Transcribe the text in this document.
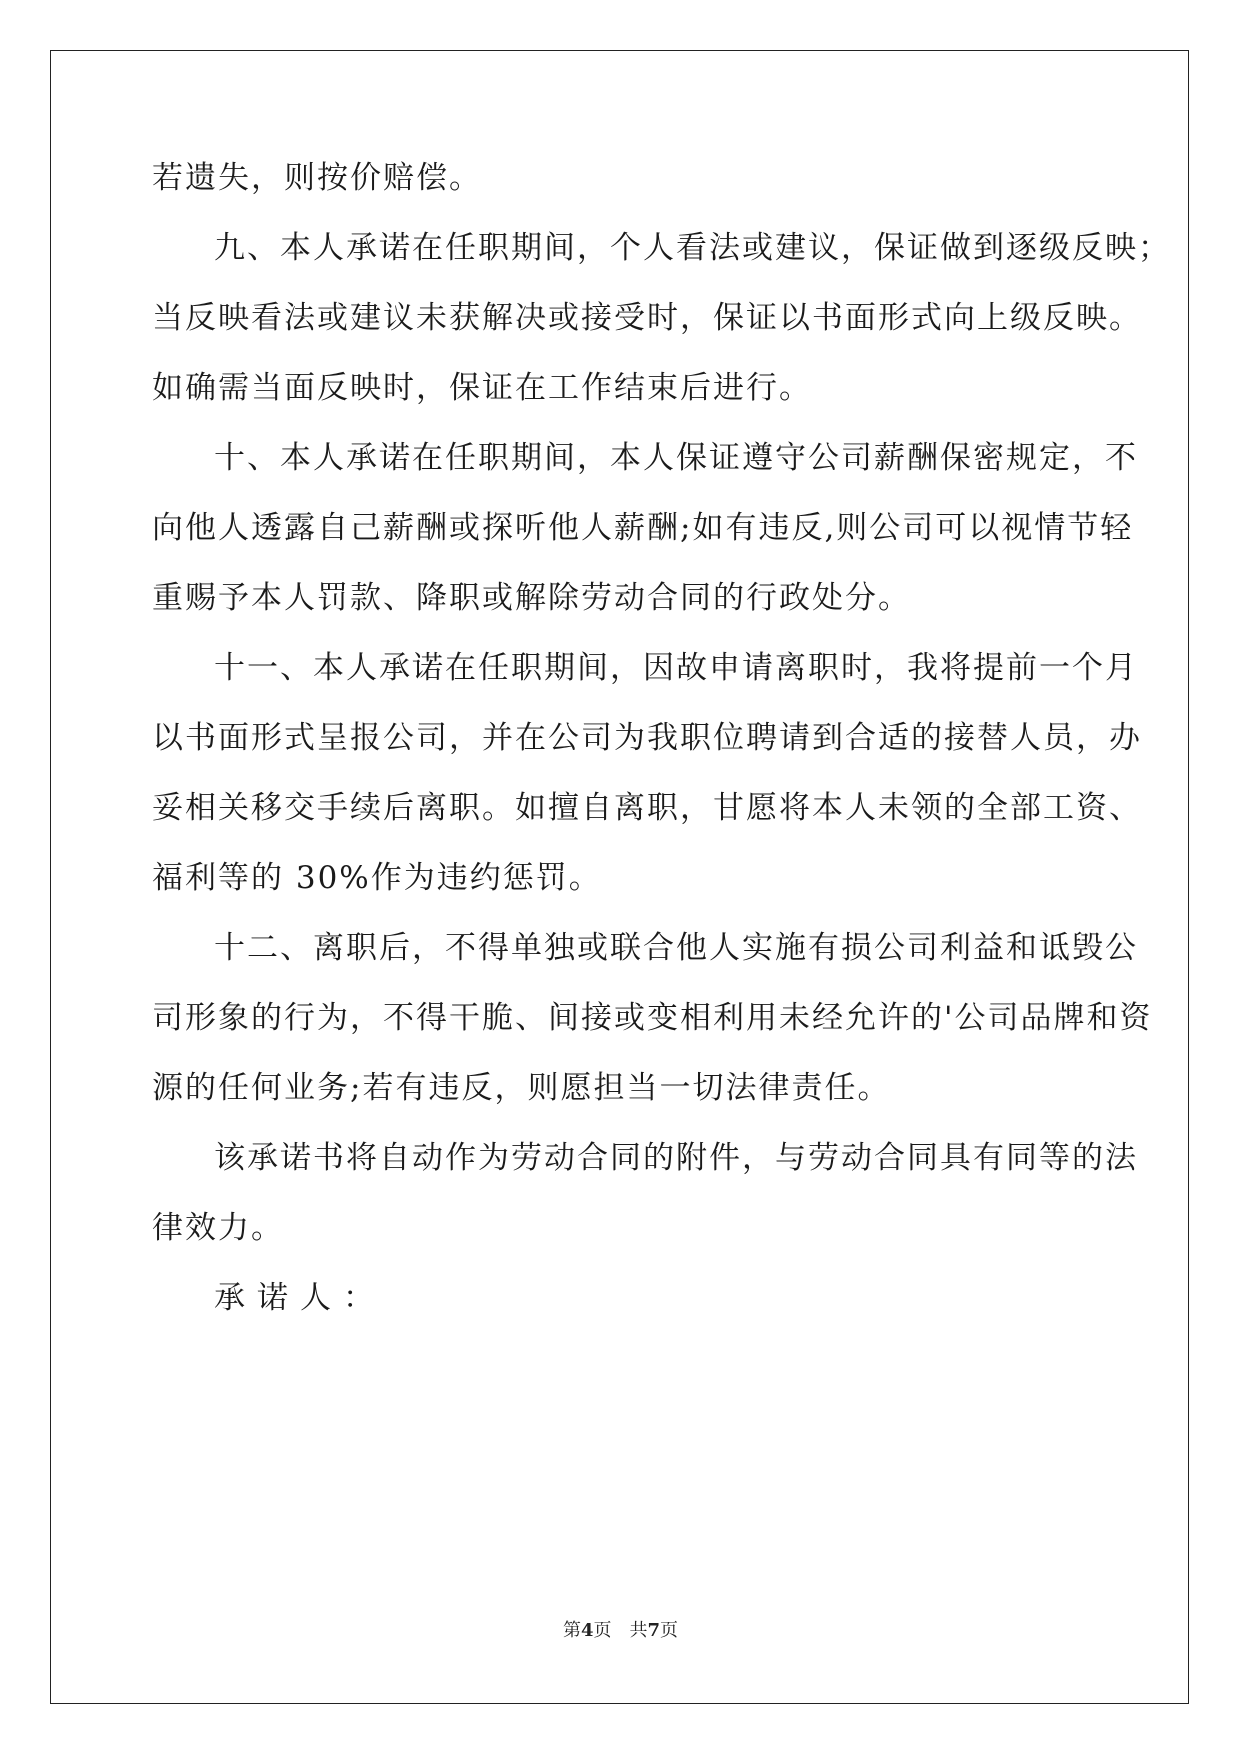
若遗失，则按价赔偿。
九、本人承诺在任职期间，个人看法或建议，保证做到逐级反映；
当反映看法或建议未获解决或接受时，保证以书面形式向上级反映。
如确需当面反映时，保证在工作结束后进行。
十、本人承诺在任职期间，本人保证遵守公司薪酬保密规定，不
向他人透露自己薪酬或探听他人薪酬;如有违反,则公司可以视情节轻
重赐予本人罚款、降职或解除劳动合同的行政处分。
十一、本人承诺在任职期间，因故申请离职时，我将提前一个月
以书面形式呈报公司，并在公司为我职位聘请到合适的接替人员，办
妥相关移交手续后离职。如擅自离职，甘愿将本人未领的全部工资、
福利等的 30%作为违约惩罚。
十二、离职后，不得单独或联合他人实施有损公司利益和诋毁公
司形象的行为，不得干脆、间接或变相利用未经允许的'公司品牌和资
源的任何业务;若有违反，则愿担当一切法律责任。
该承诺书将自动作为劳动合同的附件，与劳动合同具有同等的法
律效力。
承诺人：
第4页　共7页
